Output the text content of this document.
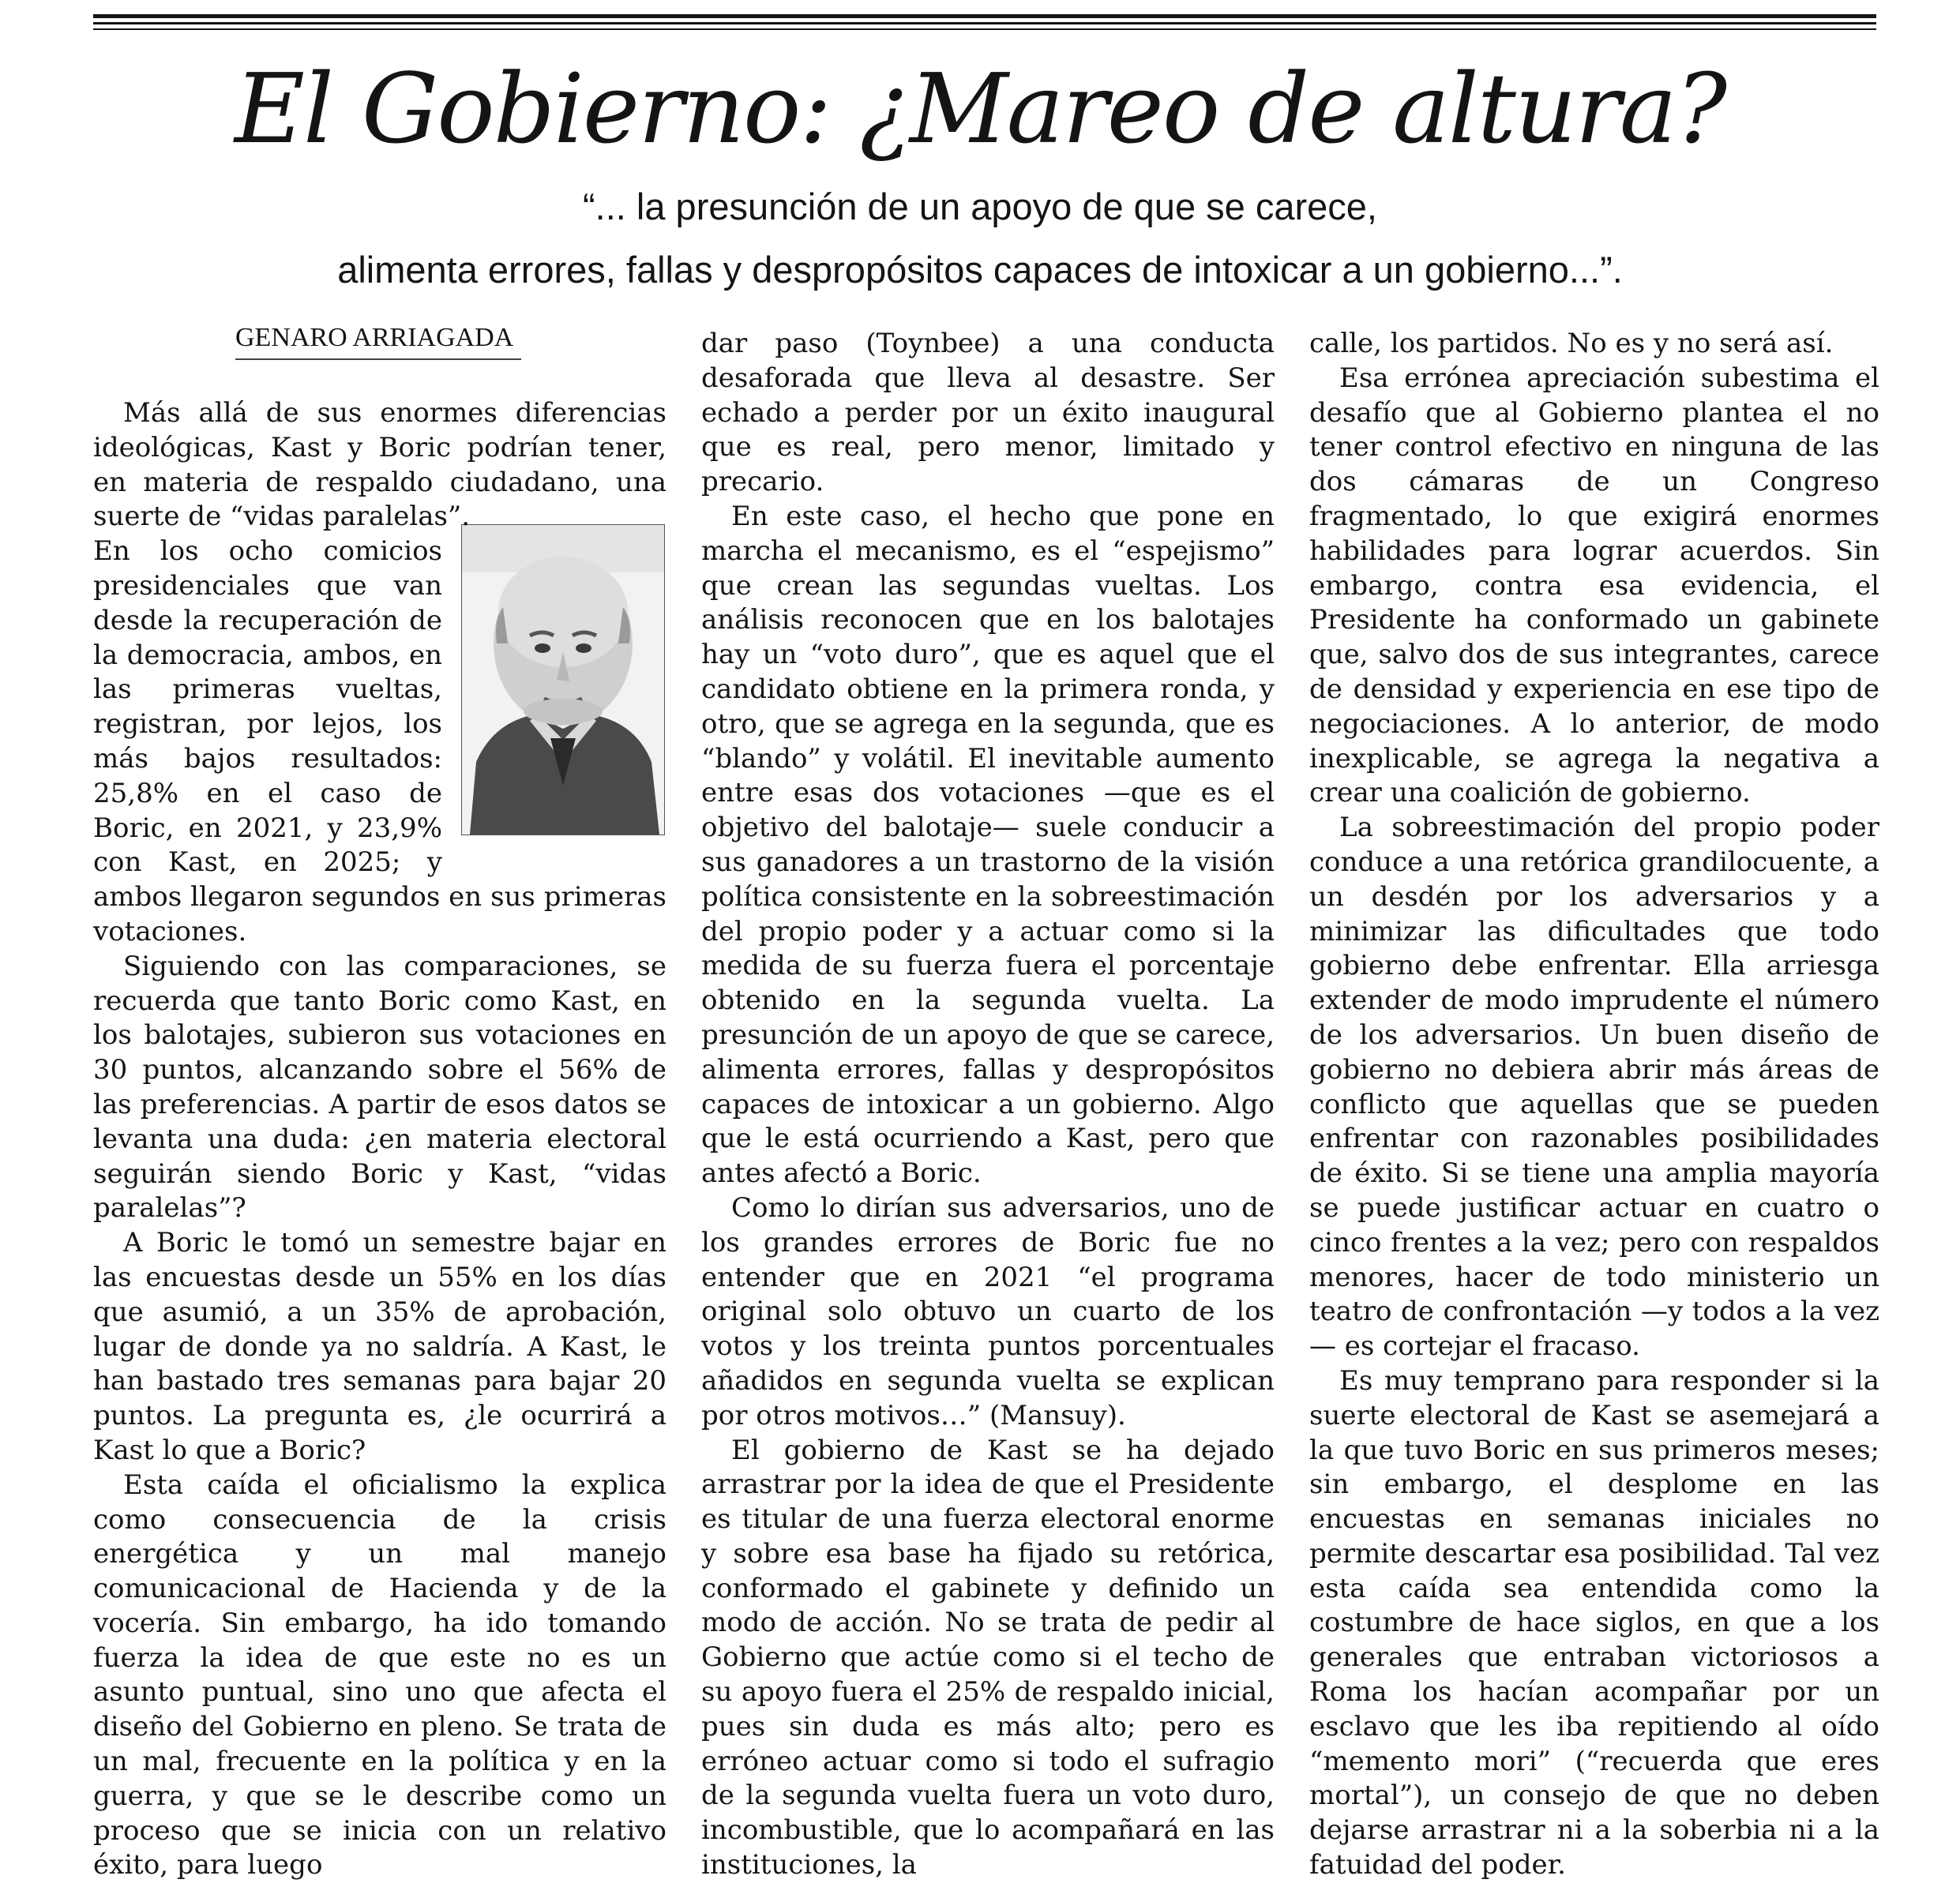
El Gobierno: ¿Mareo de altura?
“... la presunción de un apoyo de que se carece,
alimenta errores, fallas y despropósitos capaces de intoxicar a un gobierno...”.
GENARO ARRIAGADA

Más allá de sus enormes diferencias ideológicas, Kast y Boric podrían tener, en materia de respaldo ciudadano, una suerte de “vidas paralelas”.

En los ocho comicios presidenciales que van desde la recuperación de la democracia, ambos, en las primeras vueltas, registran, por lejos, los más bajos resultados: 25,8% en el caso de Boric, en 2021, y 23,9% con Kast, en 2025; y ambos llegaron segundos en sus primeras votaciones.

Siguiendo con las comparaciones, se recuerda que tanto Boric como Kast, en los balotajes, subieron sus votaciones en 30 puntos, alcanzando sobre el 56% de las preferencias. A partir de esos datos se levanta una duda: ¿en materia electoral seguirán siendo Boric y Kast, “vidas paralelas”?

A Boric le tomó un semestre bajar en las encuestas desde un 55% en los días que asumió, a un 35% de aprobación, lugar de donde ya no saldría. A Kast, le han bastado tres semanas para bajar 20 puntos. La pregunta es, ¿le ocurrirá a Kast lo que a Boric?

Esta caída el oficialismo la explica como consecuencia de la crisis energética y un mal manejo comunicacional de Hacienda y de la vocería. Sin embargo, ha ido tomando fuerza la idea de que este no es un asunto puntual, sino uno que afecta el diseño del Gobierno en pleno. Se trata de un mal, frecuente en la política y en la guerra, y que se le describe como un proceso que se inicia con un relativo éxito, para luego

dar paso (Toynbee) a una conducta desaforada que lleva al desastre. Ser echado a perder por un éxito inaugural que es real, pero menor, limitado y precario.

En este caso, el hecho que pone en marcha el mecanismo, es el “espejismo” que crean las segundas vueltas. Los análisis reconocen que en los balotajes hay un “voto duro”, que es aquel que el candidato obtiene en la primera ronda, y otro, que se agrega en la segunda, que es “blando” y volátil. El inevitable aumento entre esas dos votaciones —que es el objetivo del balotaje— suele conducir a sus ganadores a un trastorno de la visión política consistente en la sobreestimación del propio poder y a actuar como si la medida de su fuerza fuera el porcentaje obtenido en la segunda vuelta. La presunción de un apoyo de que se carece, alimenta errores, fallas y despropósitos capaces de intoxicar a un gobierno. Algo que le está ocurriendo a Kast, pero que antes afectó a Boric.

Como lo dirían sus adversarios, uno de los grandes errores de Boric fue no entender que en 2021 “el programa original solo obtuvo un cuarto de los votos y los treinta puntos porcentuales añadidos en segunda vuelta se explican por otros motivos…” (Mansuy).

El gobierno de Kast se ha dejado arrastrar por la idea de que el Presidente es titular de una fuerza electoral enorme y sobre esa base ha fijado su retórica, conformado el gabinete y definido un modo de acción. No se trata de pedir al Gobierno que actúe como si el techo de su apoyo fuera el 25% de respaldo inicial, pues sin duda es más alto; pero es erróneo actuar como si todo el sufragio de la segunda vuelta fuera un voto duro, incombustible, que lo acompañará en las instituciones, la

calle, los partidos. No es y no será así.

Esa errónea apreciación subestima el desafío que al Gobierno plantea el no tener control efectivo en ninguna de las dos cámaras de un Congreso fragmentado, lo que exigirá enormes habilidades para lograr acuerdos. Sin embargo, contra esa evidencia, el Presidente ha conformado un gabinete que, salvo dos de sus integrantes, carece de densidad y experiencia en ese tipo de negociaciones. A lo anterior, de modo inexplicable, se agrega la negativa a crear una coalición de gobierno.

La sobreestimación del propio poder conduce a una retórica grandilocuente, a un desdén por los adversarios y a minimizar las dificultades que todo gobierno debe enfrentar. Ella arriesga extender de modo imprudente el número de los adversarios. Un buen diseño de gobierno no debiera abrir más áreas de conflicto que aquellas que se pueden enfrentar con razonables posibilidades de éxito. Si se tiene una amplia mayoría se puede justificar actuar en cuatro o cinco frentes a la vez; pero con respaldos menores, hacer de todo ministerio un teatro de confrontación —y todos a la vez— es cortejar el fracaso.

Es muy temprano para responder si la suerte electoral de Kast se asemejará a la que tuvo Boric en sus primeros meses; sin embargo, el desplome en las encuestas en semanas iniciales no permite descartar esa posibilidad. Tal vez esta caída sea entendida como la costumbre de hace siglos, en que a los generales que entraban victoriosos a Roma los hacían acompañar por un esclavo que les iba repitiendo al oído “memento mori” (“recuerda que eres mortal”), un consejo de que no deben dejarse arrastrar ni a la soberbia ni a la fatuidad del poder.
